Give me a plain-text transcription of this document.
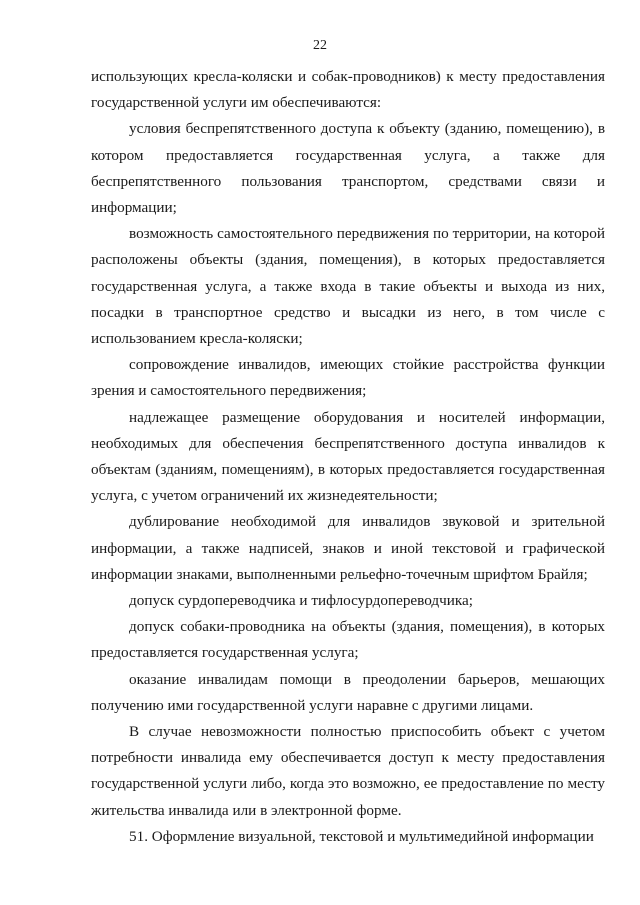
22

использующих кресла-коляски и собак-проводников) к месту предоставления государственной услуги им обеспечиваются:

условия беспрепятственного доступа к объекту (зданию, помещению), в котором предоставляется государственная услуга, а также для беспрепятственного пользования транспортом, средствами связи и информации;

возможность самостоятельного передвижения по территории, на которой расположены объекты (здания, помещения), в которых предоставляется государственная услуга, а также входа в такие объекты и выхода из них, посадки в транспортное средство и высадки из него, в том числе с использованием кресла-коляски;

сопровождение инвалидов, имеющих стойкие расстройства функции зрения и самостоятельного передвижения;

надлежащее размещение оборудования и носителей информации, необходимых для обеспечения беспрепятственного доступа инвалидов к объектам (зданиям, помещениям), в которых предоставляется государственная услуга, с учетом ограничений их жизнедеятельности;

дублирование необходимой для инвалидов звуковой и зрительной информации, а также надписей, знаков и иной текстовой и графической информации знаками, выполненными рельефно-точечным шрифтом Брайля;

допуск сурдопереводчика и тифлосурдопереводчика;

допуск собаки-проводника на объекты (здания, помещения), в которых предоставляется государственная услуга;

оказание инвалидам помощи в преодолении барьеров, мешающих получению ими государственной услуги наравне с другими лицами.

В случае невозможности полностью приспособить объект с учетом потребности инвалида ему обеспечивается доступ к месту предоставления государственной услуги либо, когда это возможно, ее предоставление по месту жительства инвалида или в электронной форме.

51. Оформление визуальной, текстовой и мультимедийной информации
